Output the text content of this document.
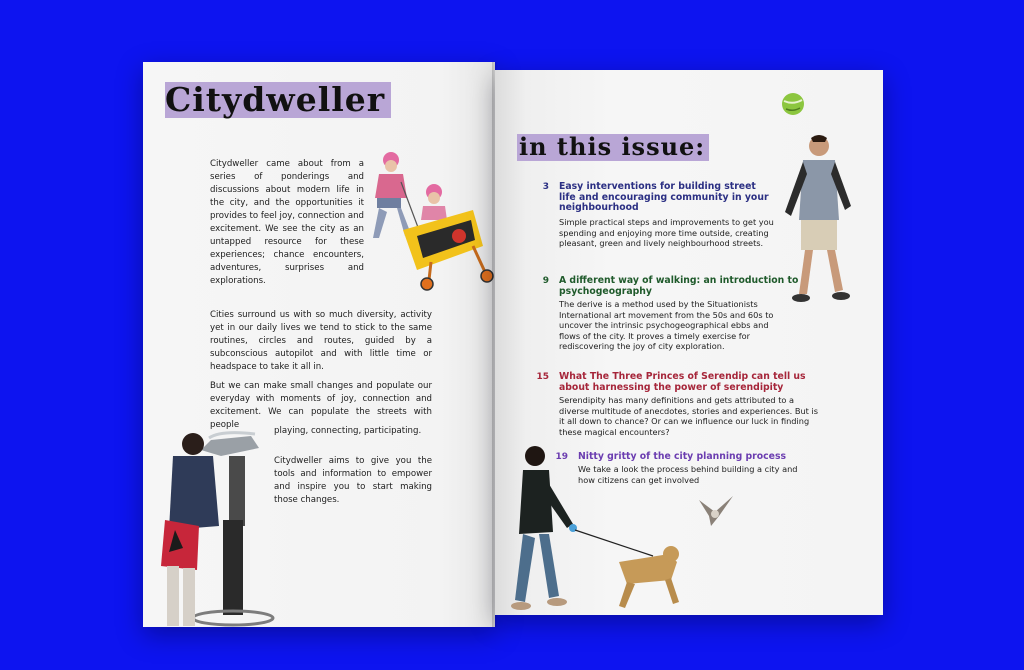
Citydweller

Citydweller came about from a series of ponderings and discussions about modern life in the city, and the opportunities it provides to feel joy, connection and excitement. We see the city as an untapped resource for these experiences; chance encounters, adventures, surprises and explorations.

Cities surround us with so much diversity, activity yet in our daily lives we tend to stick to the same routines, circles and routes, guided by a subconscious autopilot and with little time or headspace to take it all in.

But we can make small changes and populate our everyday with moments of joy, connection and excitement. We can populate the streets with people

playing, connecting, participating.

Citydweller aims to give you the tools and information to empower and inspire you to start making those changes.

in this issue:
3 Easy interventions for building street life and encouraging community in your neighbourhood
Simple practical steps and improvements to get you spending and enjoying more time outside, creating pleasant, green and lively neighbourhood streets.
9 A different way of walking: an introduction to psychogeography
The derive is a method used by the Situationists International art movement from the 50s and 60s to uncover the intrinsic psychogeographical ebbs and flows of the city. It proves a timely exercise for rediscovering the joy of city exploration.
15 What The Three Princes of Serendip can tell us about harnessing the power of serendipity
Serendipity has many definitions and gets attributed to a diverse multitude of anecdotes, stories and experiences. But is it all down to chance? Or can we influence our luck in finding these magical encounters?
19 Nitty gritty of the city planning process
We take a look the process behind building a city and how citizens can get involved
